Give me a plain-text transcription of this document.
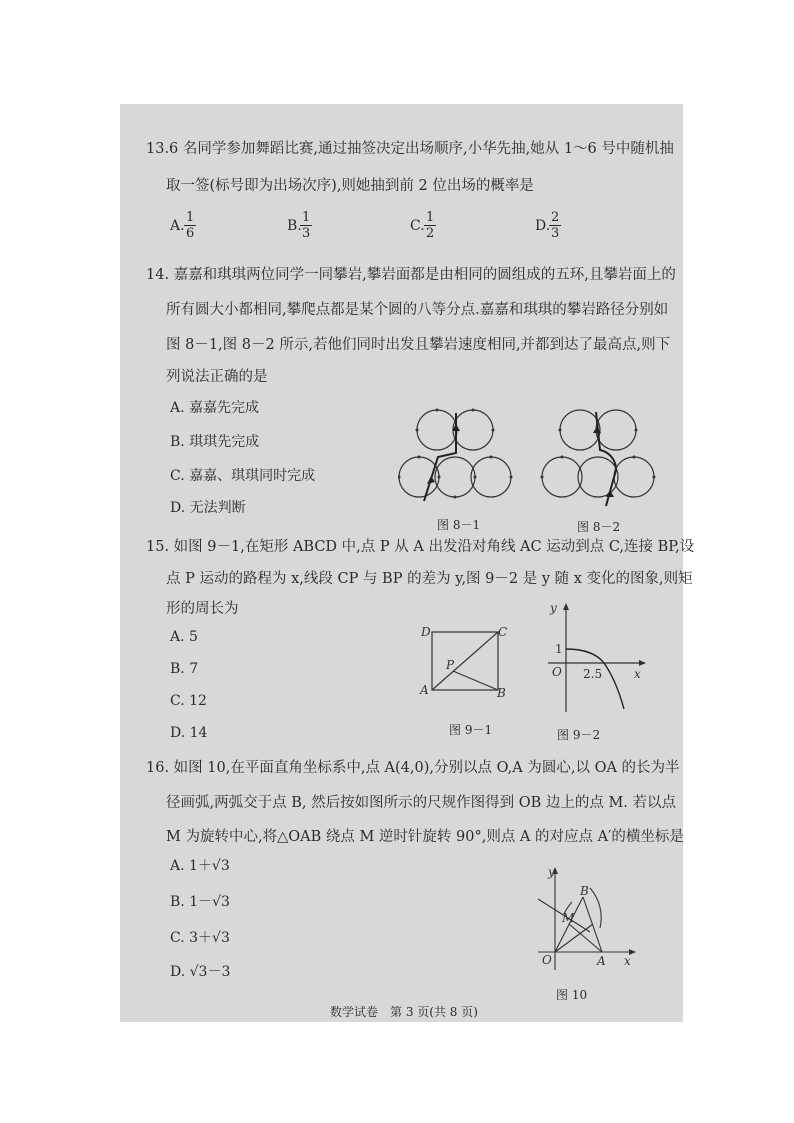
13.6 名同学参加舞蹈比赛,通过抽签决定出场顺序,小华先抽,她从 1～6 号中随机抽
取一签(标号即为出场次序),则她抽到前 2 位出场的概率是
A. $\frac{1}{6}$	B.
$\frac{1}{3}$	C. $\frac{1}{2}$	D.
$\frac{2}{3}$
14. 嘉嘉和琪琪两位同学一同攀岩,攀岩面都是由相同的圆组成的五环,且攀岩面上的
所有圆大小都相同,攀爬点都是某个圆的八等分点.嘉嘉和琪琪的攀岩路径分别如
图 8－1,图 8－2 所示,若他们同时出发且攀岩速度相同,并都到达了最高点,则下
列说法正确的是
A. 嘉嘉先完成
B. 琪琪先完成
C. 嘉嘉、琪琪同时完成
D. 无法判断
图 8－1	图 8－2
15. 如图 9－1,在矩形 ABCD 中,点 P 从 A 出发沿对角线 AC 运动到点 C,连接 BP,设
点 P 运动的路程为 x,线段 CP 与 BP 的差为 y,图 9－2 是 y 随 x 变化的图象,则矩
形的周长为
A. 5
B. 7
C. 12
D. 14
D	C
A	B
P
图 9－1
y
x
O
1
2.5
图 9－2
16. 如图 10,在平面直角坐标系中,点 A(4,0),分别以点 O,A 为圆心,以 OA 的长为半
径画弧,两弧交于点 B, 然后按如图所示的尺规作图得到 OB 边上的点 M. 若以点
M 为旋转中心,将△OAB 绕点 M 逆时针旋转 90°,则点 A 的对应点 A′的横坐标是
A. 1＋√3
B. 1－√3
C. 3＋√3
D. √3－3
y
x
O	A
B
M
图 10
数学试卷　第 3 页(共 8 页)
